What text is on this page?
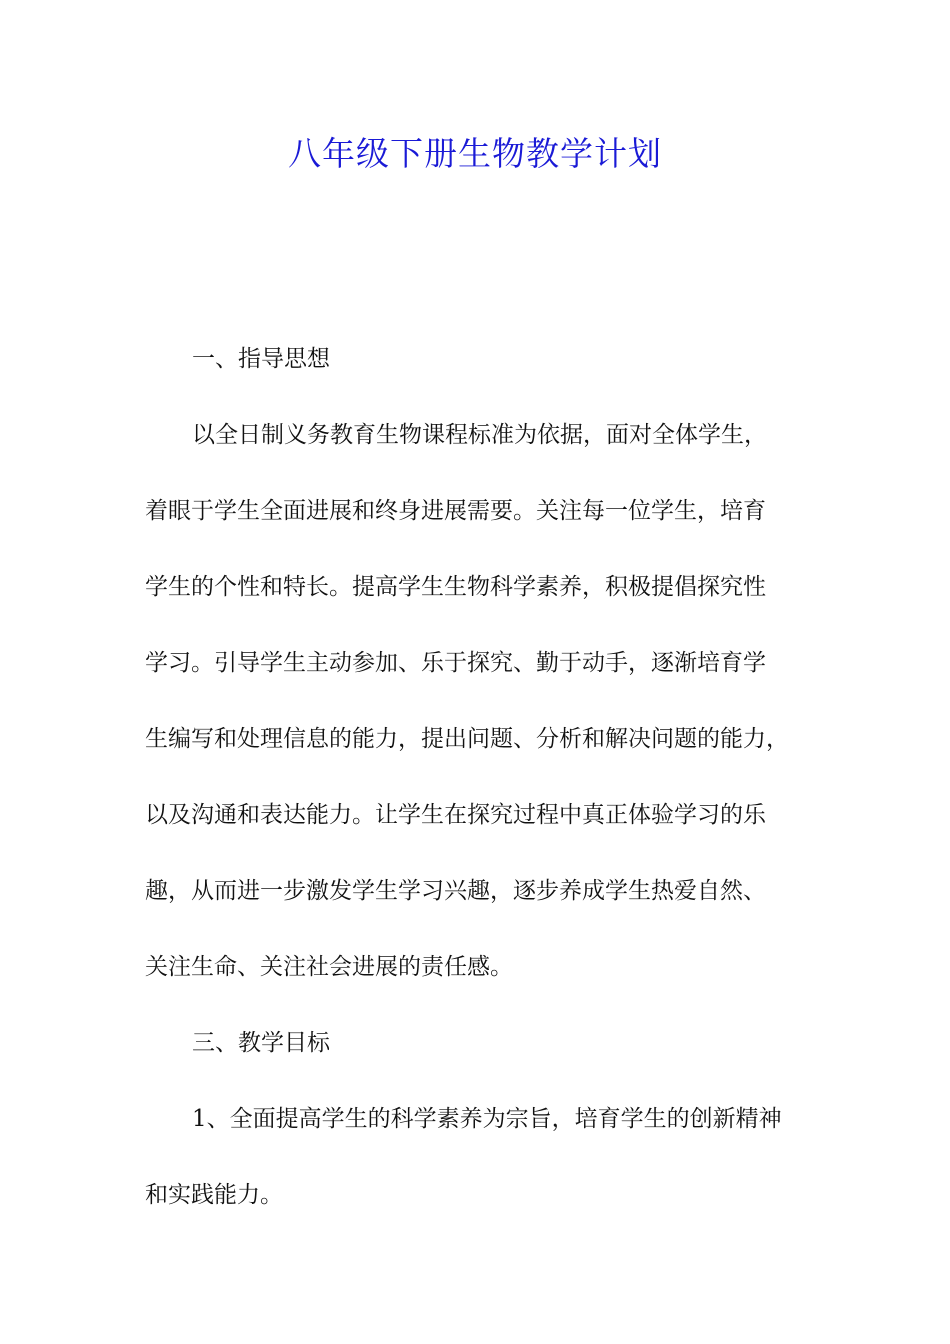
八年级下册生物教学计划

一、指导思想

以全日制义务教育生物课程标准为依据，面对全体学生，
着眼于学生全面进展和终身进展需要。关注每一位学生，培育
学生的个性和特长。提高学生生物科学素养，积极提倡探究性
学习。引导学生主动参加、乐于探究、勤于动手，逐渐培育学
生编写和处理信息的能力，提出问题、分析和解决问题的能力，
以及沟通和表达能力。让学生在探究过程中真正体验学习的乐
趣，从而进一步激发学生学习兴趣，逐步养成学生热爱自然、
关注生命、关注社会进展的责任感。

三、教学目标

1、全面提高学生的科学素养为宗旨，培育学生的创新精神
和实践能力。
